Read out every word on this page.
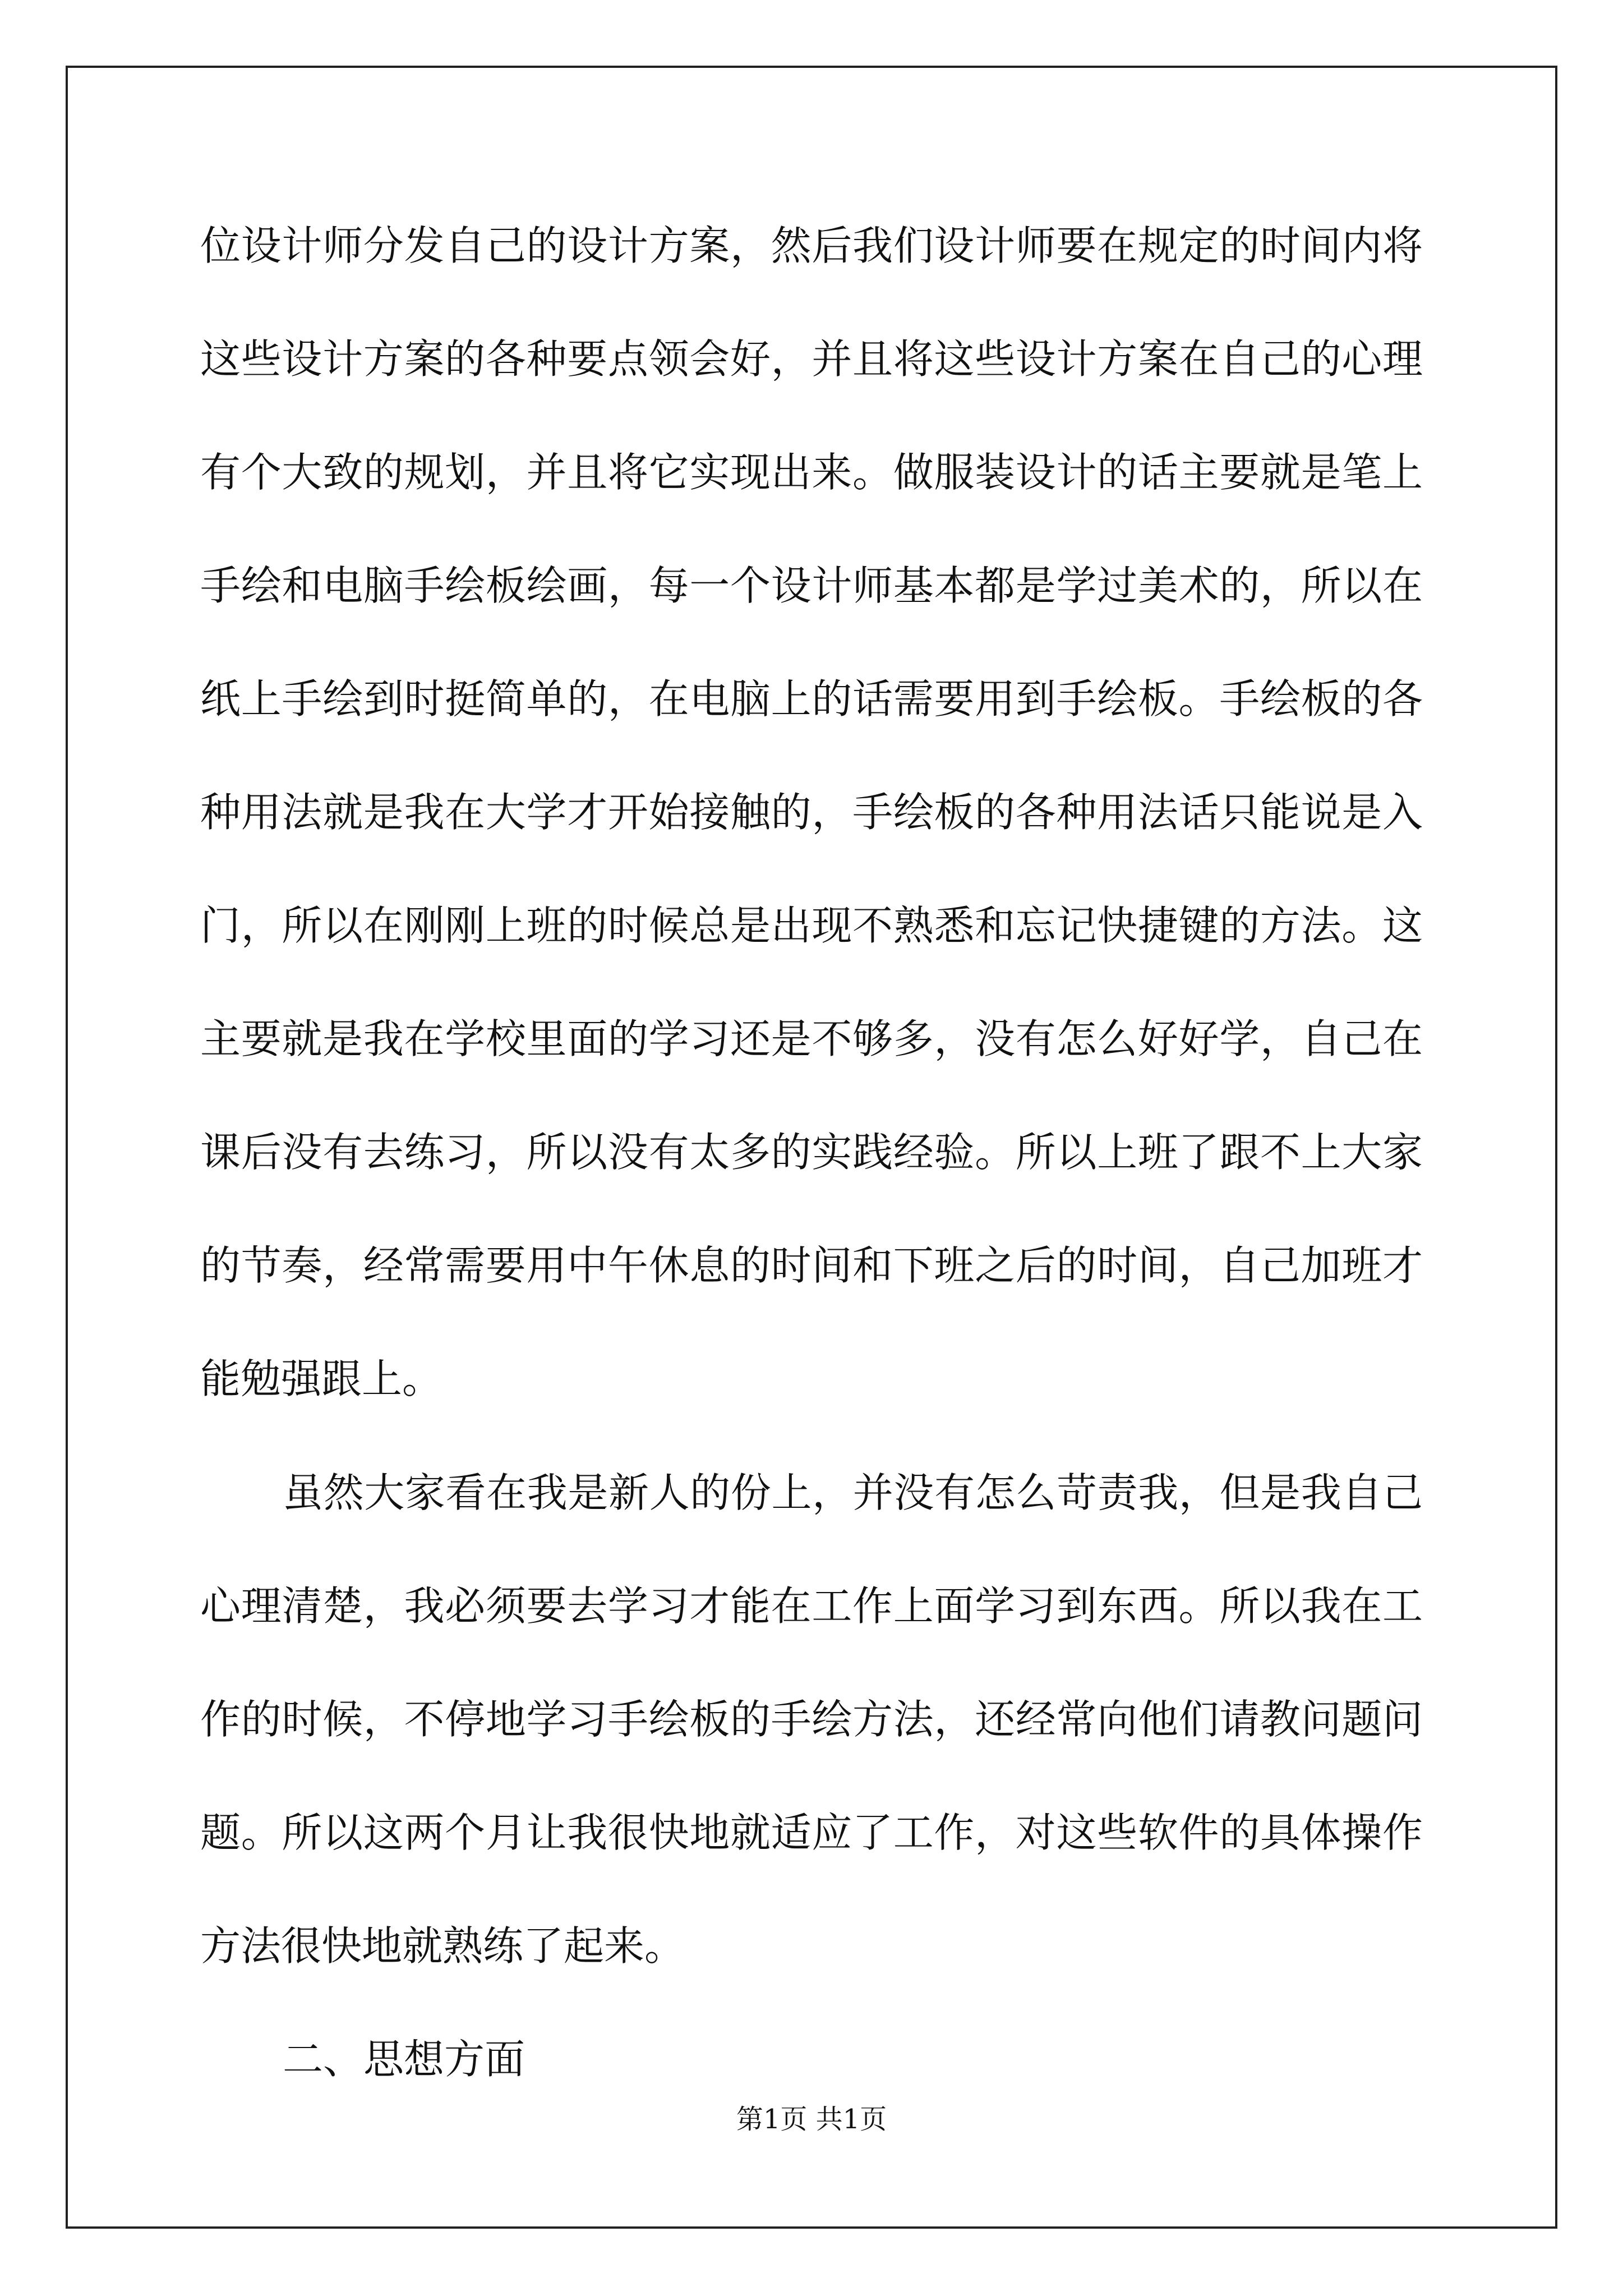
位设计师分发自己的设计方案，然后我们设计师要在规定的时间内将
这些设计方案的各种要点领会好，并且将这些设计方案在自己的心理
有个大致的规划，并且将它实现出来。做服装设计的话主要就是笔上
手绘和电脑手绘板绘画，每一个设计师基本都是学过美术的，所以在
纸上手绘到时挺简单的，在电脑上的话需要用到手绘板。手绘板的各
种用法就是我在大学才开始接触的，手绘板的各种用法话只能说是入
门，所以在刚刚上班的时候总是出现不熟悉和忘记快捷键的方法。这
主要就是我在学校里面的学习还是不够多，没有怎么好好学，自己在
课后没有去练习，所以没有太多的实践经验。所以上班了跟不上大家
的节奏，经常需要用中午休息的时间和下班之后的时间，自己加班才
能勉强跟上。
虽然大家看在我是新人的份上，并没有怎么苛责我，但是我自己
心理清楚，我必须要去学习才能在工作上面学习到东西。所以我在工
作的时候，不停地学习手绘板的手绘方法，还经常向他们请教问题问
题。所以这两个月让我很快地就适应了工作，对这些软件的具体操作
方法很快地就熟练了起来。
二、思想方面
第1页 共1页
